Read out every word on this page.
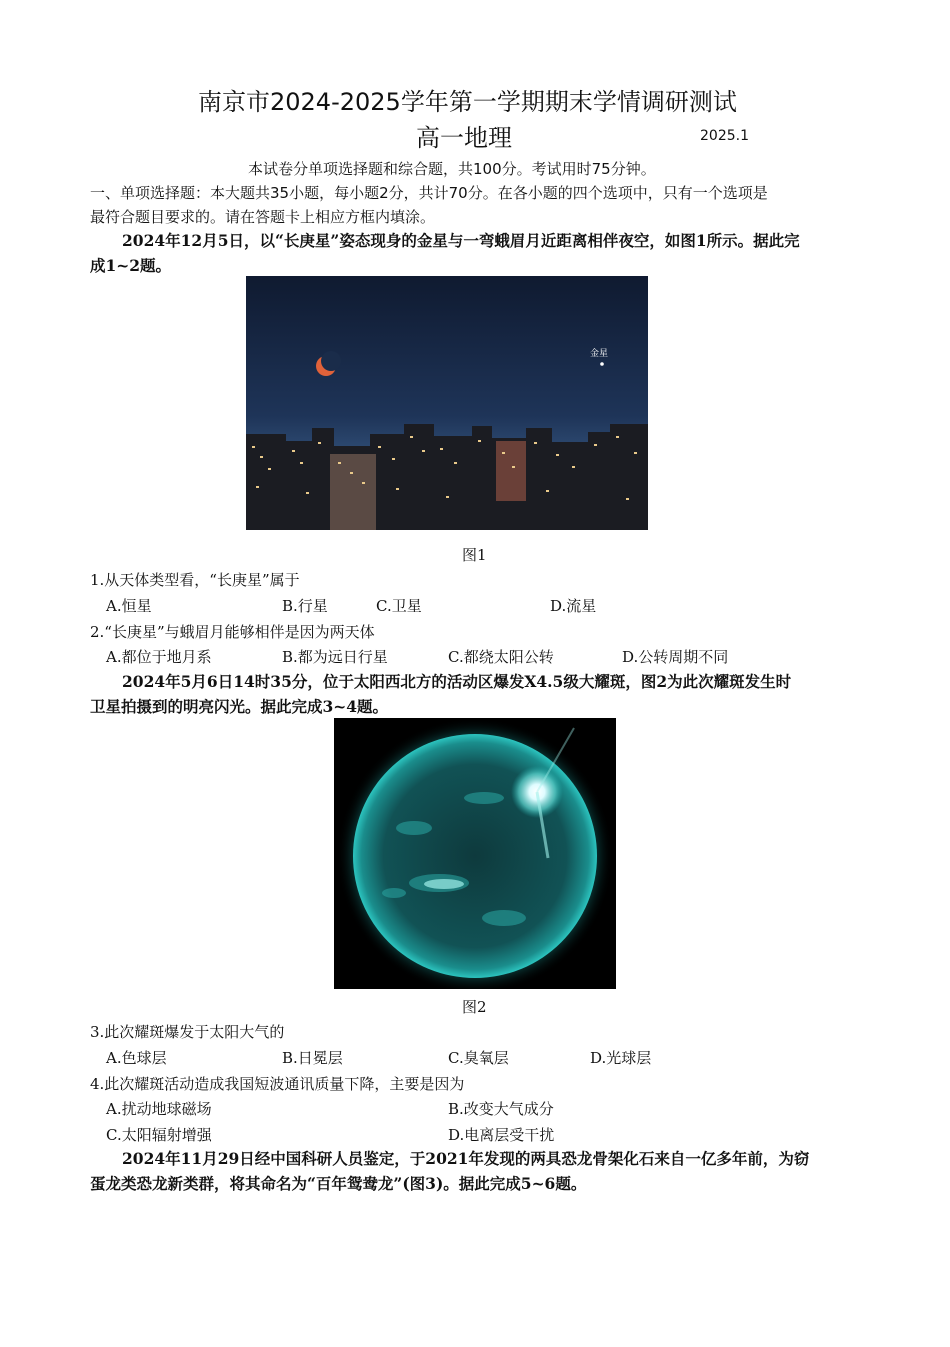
南京市2024-2025学年第一学期期末学情调研测试
高一地理	2025.1
本试卷分单项选择题和综合题，共100分。考试用时75分钟。
一、单项选择题：本大题共35小题，每小题2分，共计70分。在各小题的四个选项中，只有一个选项是
最符合题目要求的。请在答题卡上相应方框内填涂。
2024年12月5日，以“长庚星”姿态现身的金星与一弯蛾眉月近距离相伴夜空，如图1所示。据此完
成1~2题。
金星
图1
1.从天体类型看，“长庚星”属于
A.恒星	B.行星	C.卫星	D.流星
2.“长庚星”与蛾眉月能够相伴是因为两天体
A.都位于地月系	B.都为远日行星	C.都绕太阳公转	D.公转周期不同
2024年5月6日14时35分，位于太阳西北方的活动区爆发X4.5级大耀斑，图2为此次耀斑发生时
卫星拍摄到的明亮闪光。据此完成3~4题。
图2
3.此次耀斑爆发于太阳大气的
A.色球层	B.日冕层	C.臭氧层	D.光球层
4.此次耀斑活动造成我国短波通讯质量下降，主要是因为
A.扰动地球磁场	B.改变大气成分
C.太阳辐射增强	D.电离层受干扰
2024年11月29日经中国科研人员鉴定，于2021年发现的两具恐龙骨架化石来自一亿多年前，为窃
蛋龙类恐龙新类群，将其命名为“百年鸳鸯龙”(图3)。据此完成5~6题。
